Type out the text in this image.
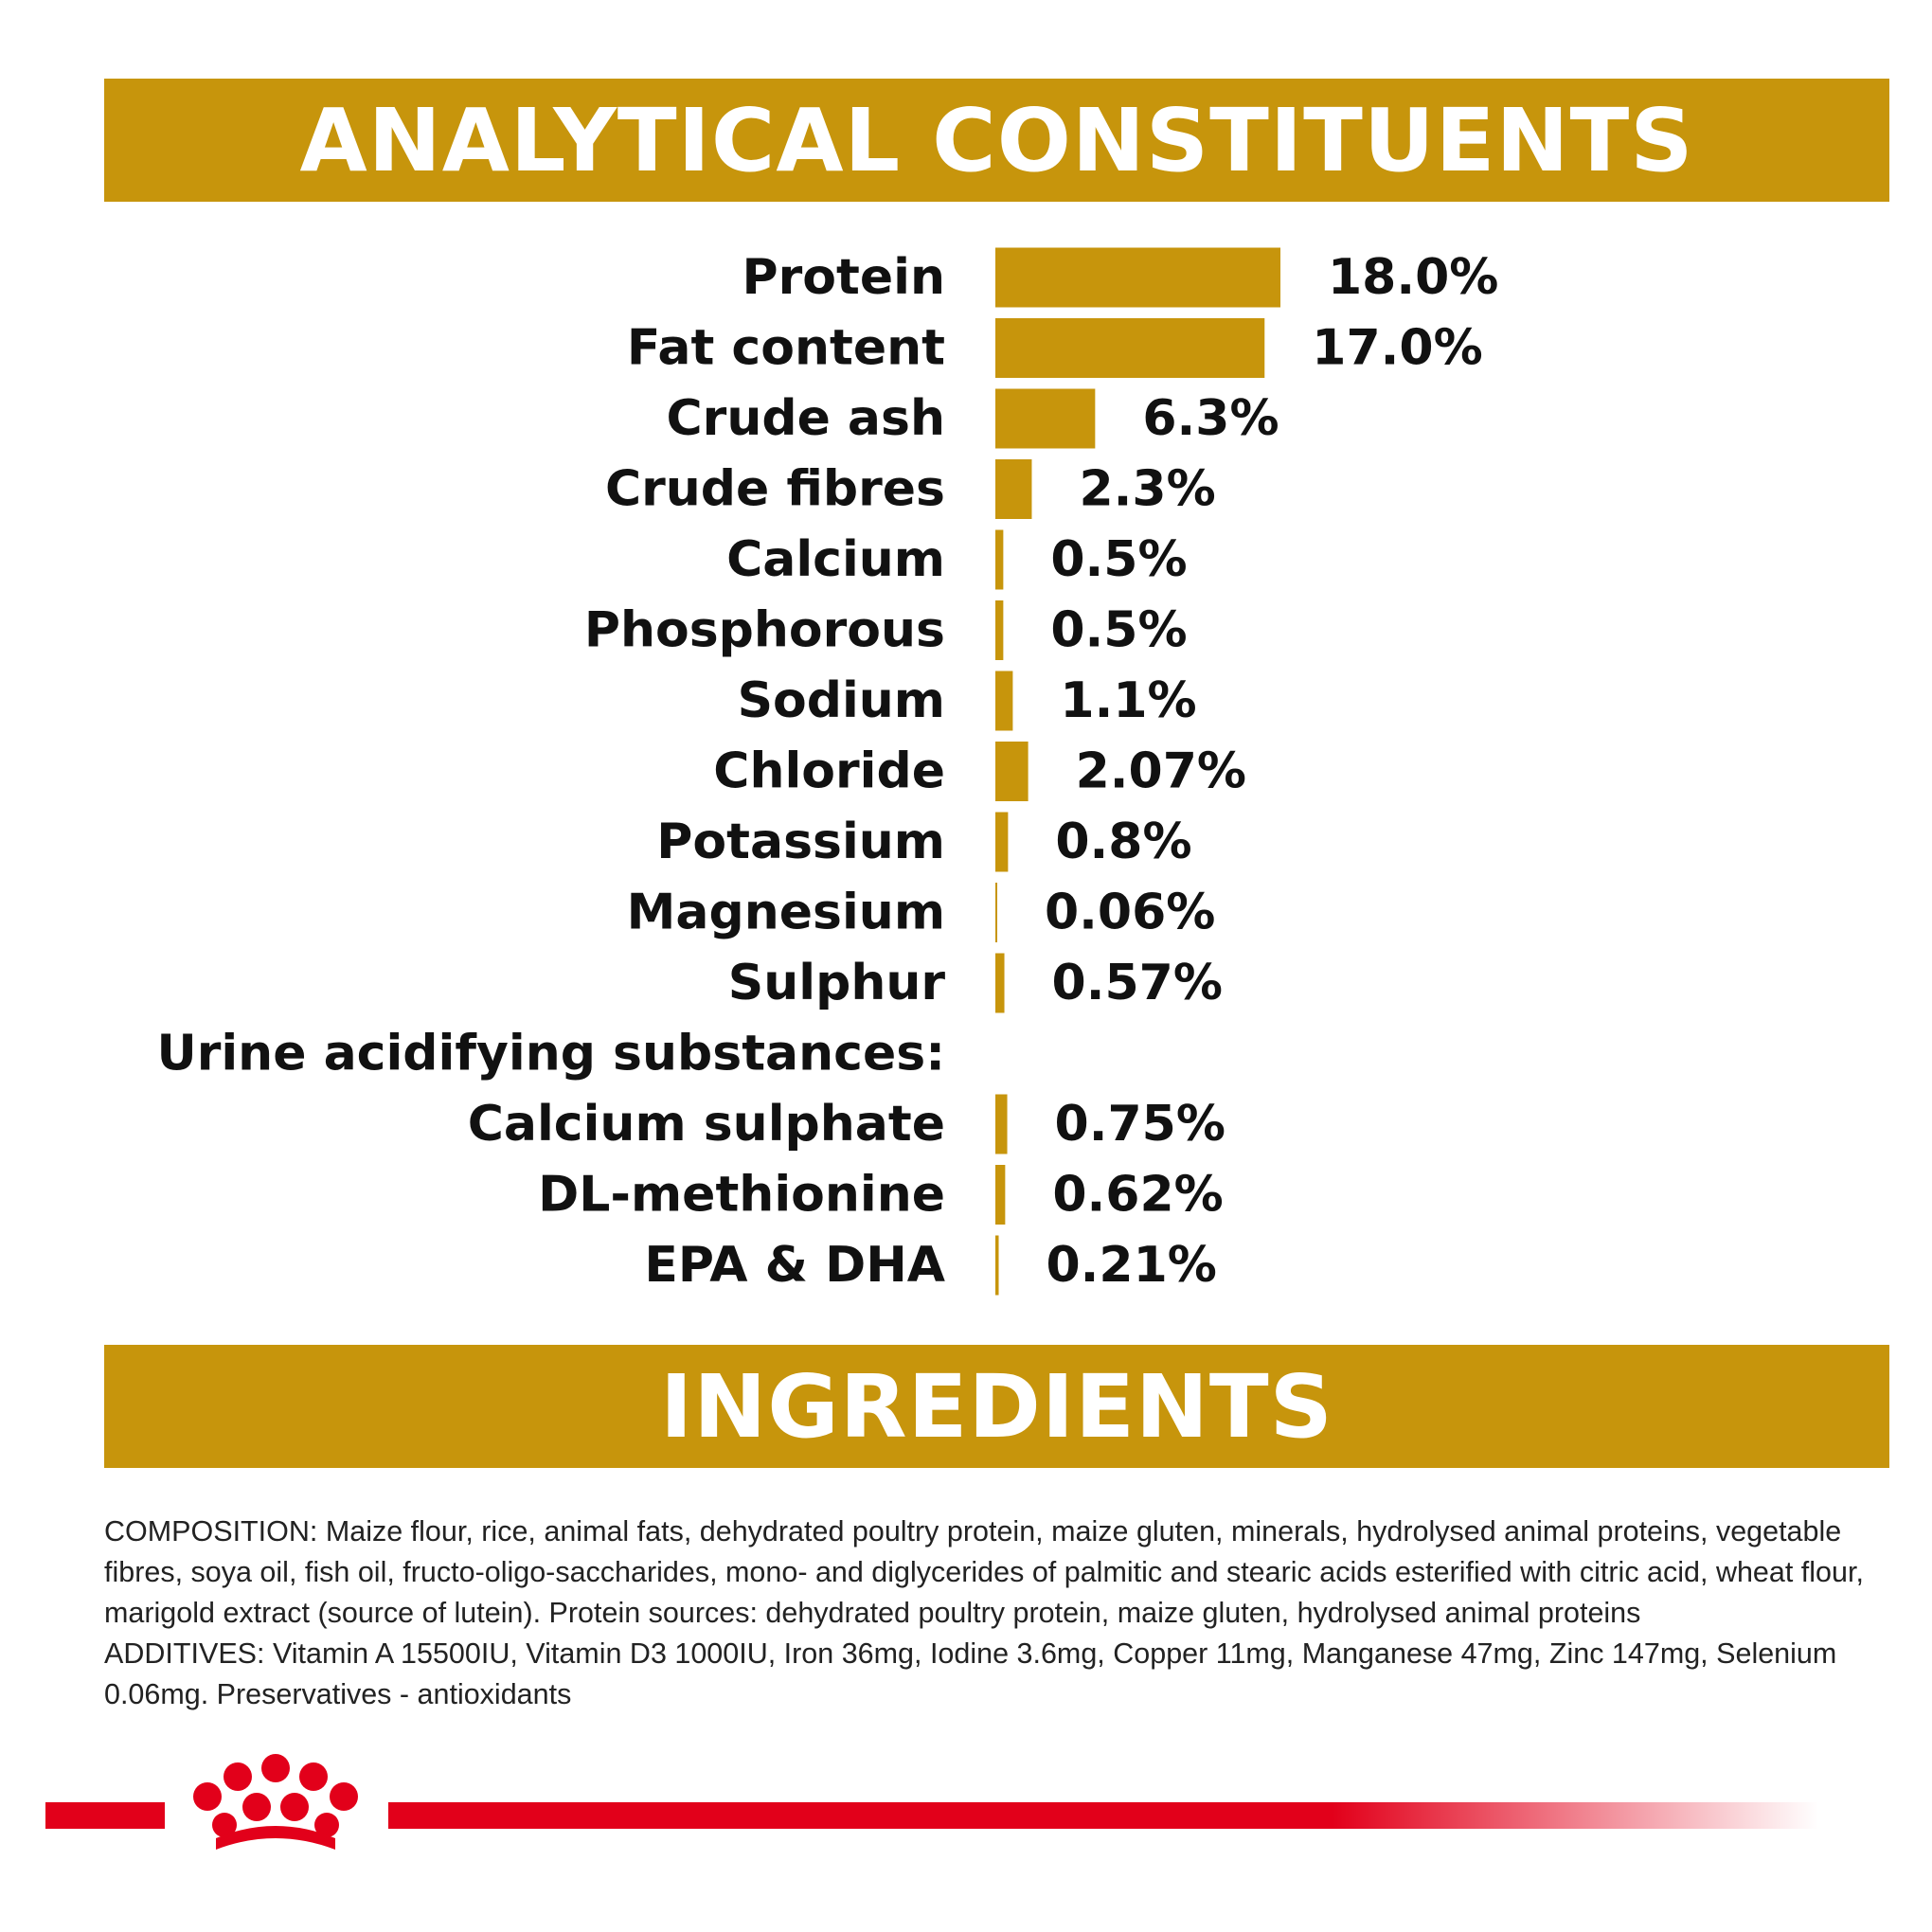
ANALYTICAL CONSTITUENTS
Protein	18.0%
Fat content	17.0%
Crude ash	6.3%
Crude fibres	2.3%
Calcium 0.5%
Phosphorous 0.5%
Sodium 1.1%
Chloride	2.07%
Potassium 0.8%
Magnesium 0.06%
Sulphur 0.57%
Urine acidifying substances:
Calcium sulphate 0.75%
DL-methionine 0.62%
EPA & DHA 0.21%
INGREDIENTS

COMPOSITION: Maize flour, rice, animal fats, dehydrated poultry protein, maize gluten, minerals, hydrolysed animal proteins, vegetable fibres, soya oil, fish oil, fructo-oligo-saccharides, mono- and diglycerides of palmitic and stearic acids esterified with citric acid, wheat flour, marigold extract (source of lutein). Protein sources: dehydrated poultry protein, maize gluten, hydrolysed animal proteins

ADDITIVES: Vitamin A 15500IU, Vitamin D3 1000IU, Iron 36mg, Iodine 3.6mg, Copper 11mg, Manganese 47mg, Zinc 147mg, Selenium 0.06mg. Preservatives - antioxidants
